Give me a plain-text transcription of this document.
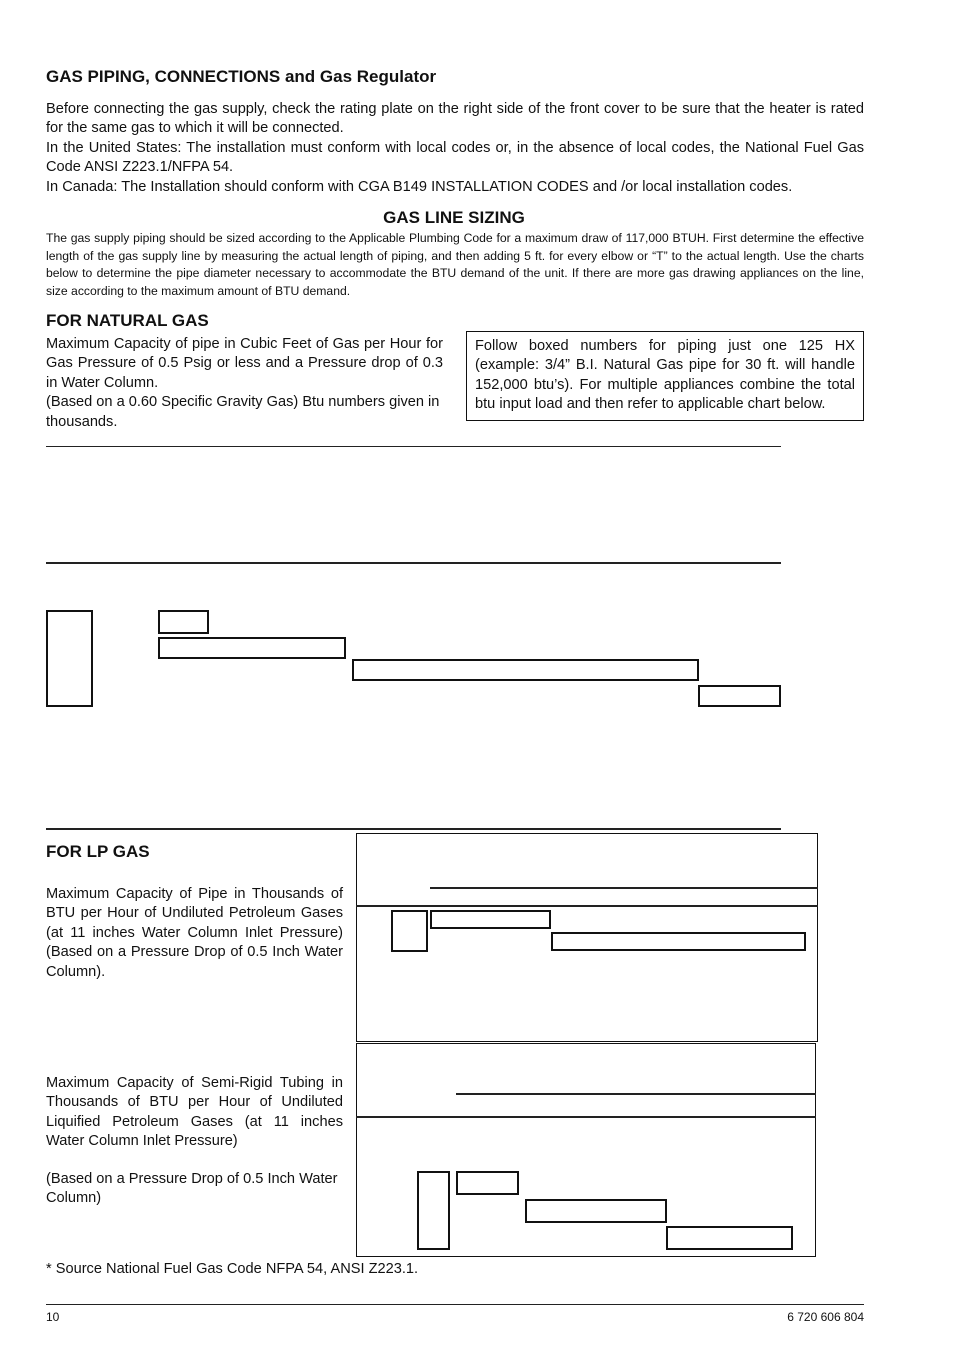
GAS PIPING, CONNECTIONS and Gas Regulator
Before connecting the gas supply, check the rating plate on the right side of the front cover to be sure that the heater is rated for the same gas to which it will be connected.
In the United States: The installation must conform with local codes or, in the absence of local codes, the National Fuel Gas Code ANSI Z223.1/NFPA 54.
In Canada: The Installation should conform with CGA B149 INSTALLATION CODES and /or local installation codes.
GAS LINE SIZING
The gas supply piping should be sized according to the Applicable Plumbing Code for a maximum draw of 117,000 BTUH. First determine the effective length of the gas supply line by measuring the actual length of piping, and then adding 5 ft. for every elbow or “T” to the actual length. Use the charts below to determine the pipe diameter necessary to accommodate the BTU demand of the unit. If there are more gas drawing appliances on the line, size according to the maximum amount of BTU demand.
FOR NATURAL GAS
Maximum Capacity of pipe in Cubic Feet of Gas per Hour for Gas Pressure of 0.5 Psig or less and a Pressure drop of 0.3 in Water Column.
(Based on a 0.60 Specific Gravity Gas) Btu numbers given in thousands.
Follow boxed numbers for piping just one 125 HX (example: 3/4” B.I. Natural Gas pipe for 30 ft. will handle 152,000 btu’s). For multiple appliances combine the total btu input load and then refer to applicable chart below.
FOR LP GAS
Maximum Capacity of Pipe in Thousands of BTU per Hour of Undiluted Petroleum Gases (at 11 inches Water Column Inlet Pressure) (Based on a Pressure Drop of 0.5 Inch Water Column).
Maximum Capacity of Semi-Rigid Tubing in Thousands of BTU per Hour of Undiluted Liquified Petroleum Gases (at 11 inches Water Column Inlet Pressure)
(Based on a Pressure Drop of 0.5 Inch Water Column)
* Source National Fuel Gas Code NFPA 54, ANSI Z223.1.
10	6 720 606 804
